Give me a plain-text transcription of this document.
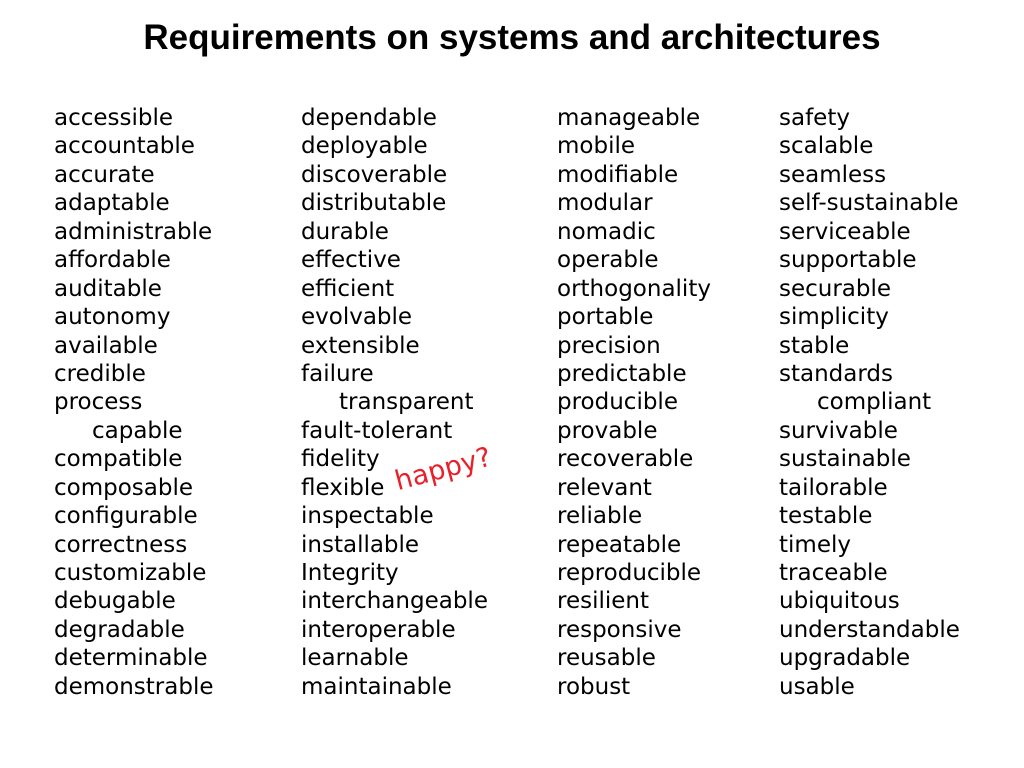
Requirements on systems and architectures
accessible
accountable
accurate
adaptable
administrable
affordable
auditable
autonomy
available
credible
process
capable
compatible
composable
configurable
correctness
customizable
debugable
degradable
determinable
demonstrable
dependable
deployable
discoverable
distributable
durable
effective
efficient
evolvable
extensible
failure
transparent
fault-tolerant
fidelity
flexible
inspectable
installable
Integrity
interchangeable
interoperable
learnable
maintainable
manageable
mobile
modifiable
modular
nomadic
operable
orthogonality
portable
precision
predictable
producible
provable
recoverable
relevant
reliable
repeatable
reproducible
resilient
responsive
reusable
robust
safety
scalable
seamless
self-sustainable
serviceable
supportable
securable
simplicity
stable
standards
compliant
survivable
sustainable
tailorable
testable
timely
traceable
ubiquitous
understandable
upgradable
usable
happy?
